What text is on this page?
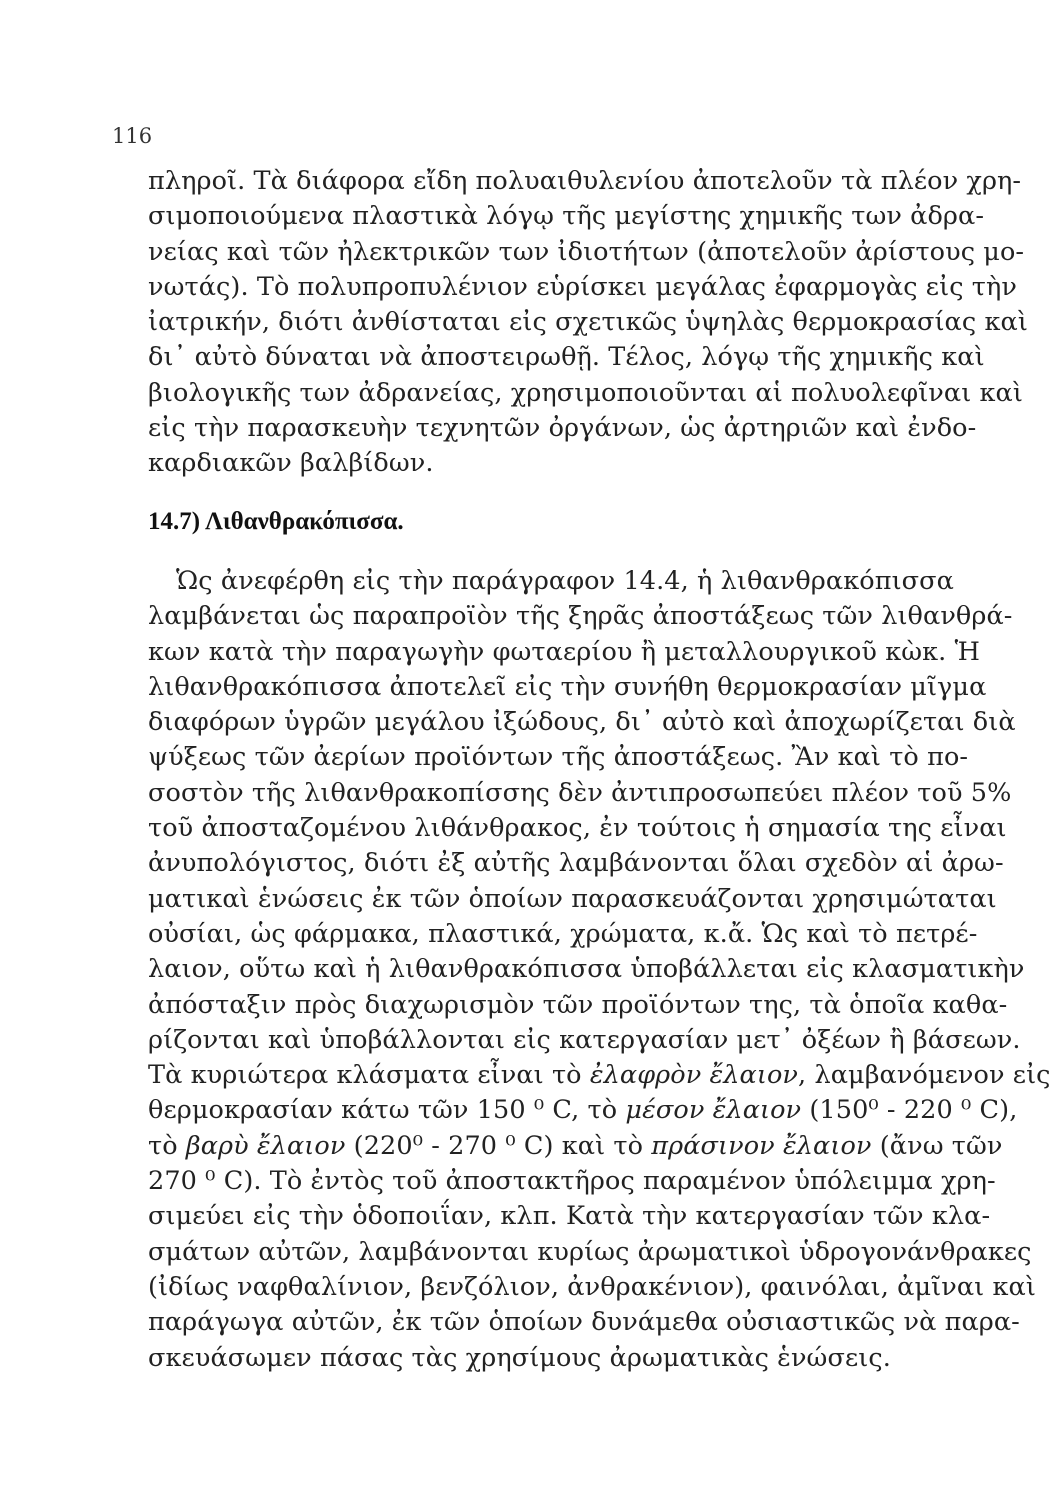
116
πληροῖ. Τὰ διάφορα εἴδη πολυαιθυλενίου ἀποτελοῦν τὰ πλέον χρη-
σιμοποιούμενα πλαστικὰ λόγῳ τῆς μεγίστης χημικῆς των ἀδρα-
νείας καὶ τῶν ἠλεκτρικῶν των ἰδιοτήτων (ἀποτελοῦν ἀρίστους μο-
νωτάς). Τὸ πολυπροπυλένιον εὑρίσκει μεγάλας ἐφαρμογὰς εἰς τὴν
ἰατρικήν, διότι ἀνθίσταται εἰς σχετικῶς ὑψηλὰς θερμοκρασίας καὶ
δι᾽ αὐτὸ δύναται νὰ ἀποστειρωθῇ. Τέλος, λόγῳ τῆς χημικῆς καὶ
βιολογικῆς των ἀδρανείας, χρησιμοποιοῦνται αἱ πολυολεφῖναι καὶ
εἰς τὴν παρασκευὴν τεχνητῶν ὀργάνων, ὡς ἀρτηριῶν καὶ ἐνδο-
καρδιακῶν βαλβίδων.
14.7) Λιθανθρακόπισσα.
Ὡς ἀνεφέρθη εἰς τὴν παράγραφον 14.4, ἡ λιθανθρακόπισσα
λαμβάνεται ὡς παραπροϊὸν τῆς ξηρᾶς ἀποστάξεως τῶν λιθανθρά-
κων κατὰ τὴν παραγωγὴν φωταερίου ἢ μεταλλουργικοῦ κὼκ. Ἡ
λιθανθρακόπισσα ἀποτελεῖ εἰς τὴν συνήθη θερμοκρασίαν μῖγμα
διαφόρων ὑγρῶν μεγάλου ἰξώδους, δι᾽ αὐτὸ καὶ ἀποχωρίζεται διὰ
ψύξεως τῶν ἀερίων προϊόντων τῆς ἀποστάξεως. Ἂν καὶ τὸ πο-
σοστὸν τῆς λιθανθρακοπίσσης δὲν ἀντιπροσωπεύει πλέον τοῦ 5%
τοῦ ἀποσταζομένου λιθάνθρακος, ἐν τούτοις ἡ σημασία της εἶναι
ἀνυπολόγιστος, διότι ἐξ αὐτῆς λαμβάνονται ὅλαι σχεδὸν αἱ ἀρω-
ματικαὶ ἑνώσεις ἐκ τῶν ὁποίων παρασκευάζονται χρησιμώταται
οὐσίαι, ὡς φάρμακα, πλαστικά, χρώματα, κ.ἄ. Ὡς καὶ τὸ πετρέ-
λαιον, οὕτω καὶ ἡ λιθανθρακόπισσα ὑποβάλλεται εἰς κλασματικὴν
ἀπόσταξιν πρὸς διαχωρισμὸν τῶν προϊόντων της, τὰ ὁποῖα καθα-
ρίζονται καὶ ὑποβάλλονται εἰς κατεργασίαν μετ᾽ ὀξέων ἢ βάσεων.
Τὰ κυριώτερα κλάσματα εἶναι τὸ ἐλαφρὸν ἔλαιον, λαμβανόμενον εἰς
θερμοκρασίαν κάτω τῶν 150 ⁰ C, τὸ μέσον ἔλαιον (150⁰ - 220 ⁰ C),
τὸ βαρὺ ἔλαιον (220⁰ - 270 ⁰ C) καὶ τὸ πράσινον ἔλαιον (ἄνω τῶν
270 ⁰ C). Τὸ ἐντὸς τοῦ ἀποστακτῆρος παραμένον ὑπόλειμμα χρη-
σιμεύει εἰς τὴν ὁδοποιΐαν, κλπ. Κατὰ τὴν κατεργασίαν τῶν κλα-
σμάτων αὐτῶν, λαμβάνονται κυρίως ἀρωματικοὶ ὑδρογονάνθρακες
(ἰδίως ναφθαλίνιον, βενζόλιον, ἀνθρακένιον), φαινόλαι, ἀμῖναι καὶ
παράγωγα αὐτῶν, ἐκ τῶν ὁποίων δυνάμεθα οὐσιαστικῶς νὰ παρα-
σκευάσωμεν πάσας τὰς χρησίμους ἀρωματικὰς ἑνώσεις.
